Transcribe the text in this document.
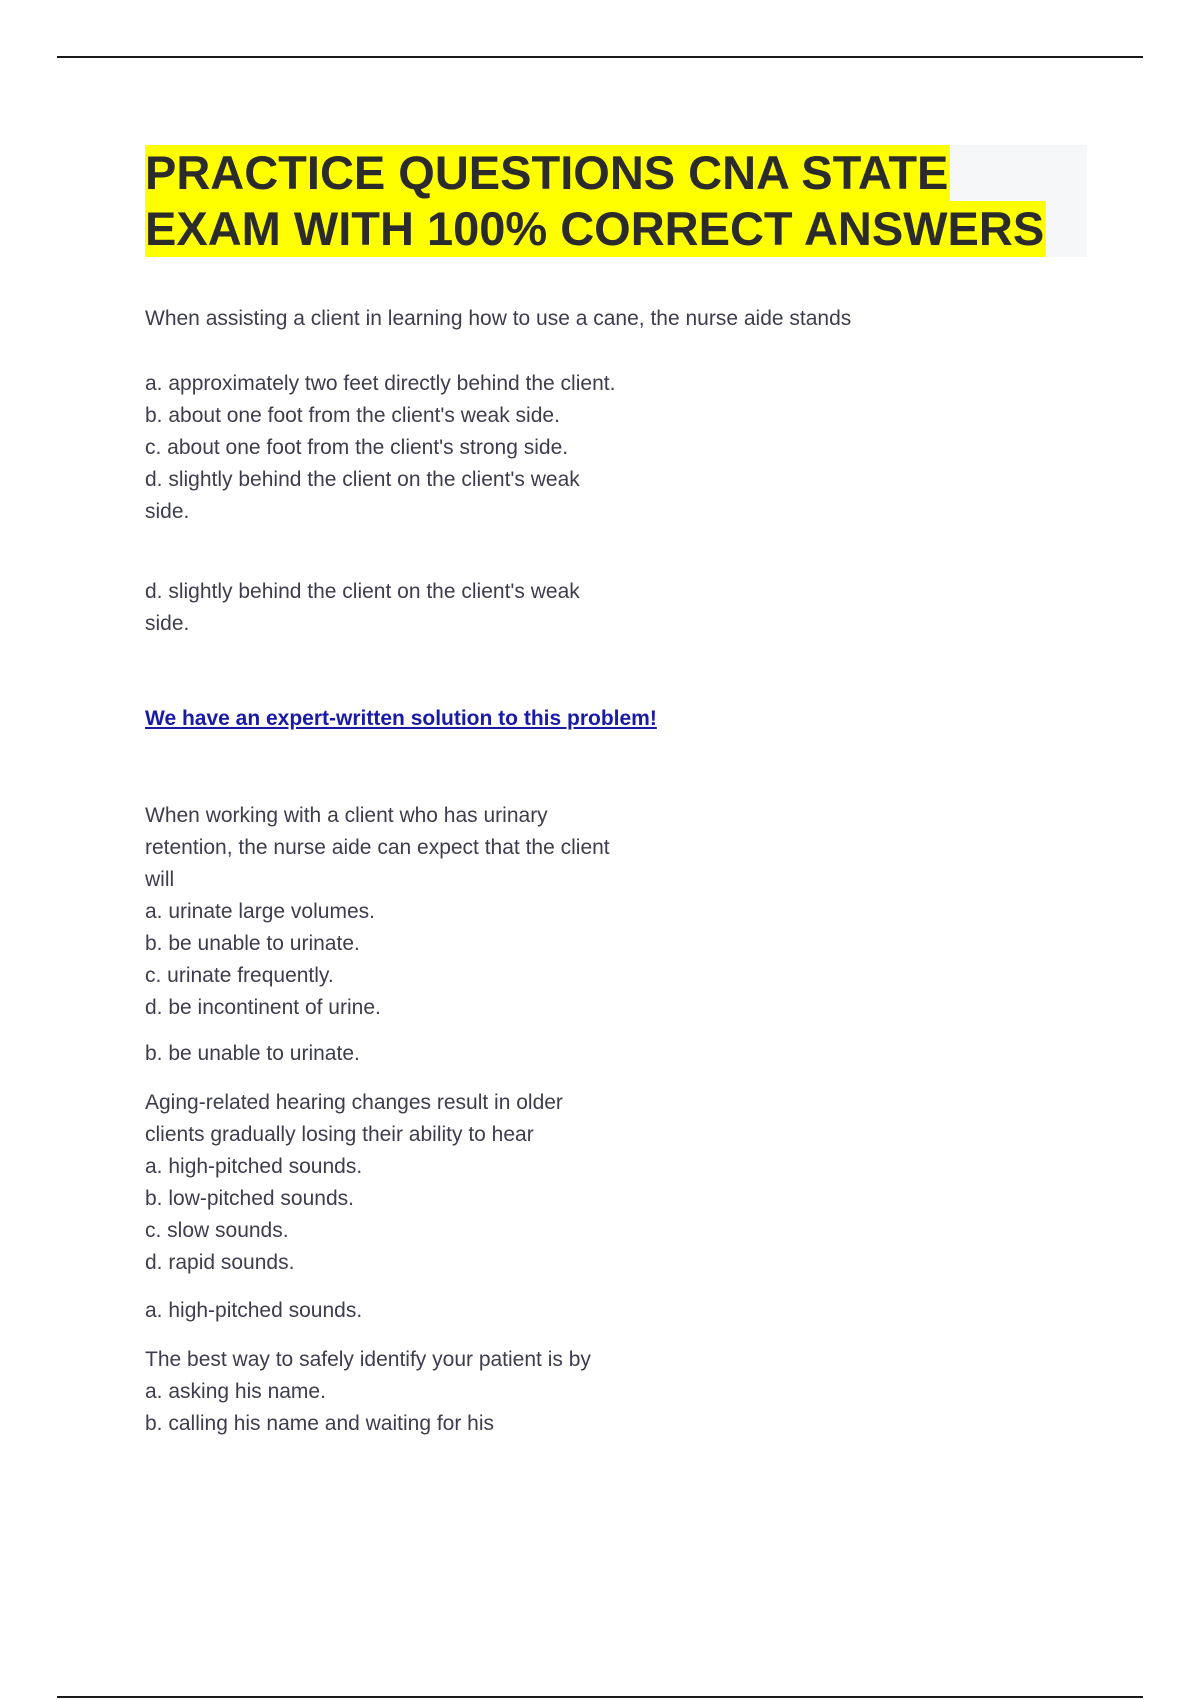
PRACTICE QUESTIONS CNA STATE
EXAM WITH 100% CORRECT ANSWERS
When assisting a client in learning how to use a cane, the nurse aide stands
a. approximately two feet directly behind the client.
b. about one foot from the client's weak side.
c. about one foot from the client's strong side.
d. slightly behind the client on the client's weak side.
d. slightly behind the client on the client's weak side.
We have an expert-written solution to this problem!
When working with a client who has urinary retention, the nurse aide can expect that the client will
a. urinate large volumes.
b. be unable to urinate.
c. urinate frequently.
d. be incontinent of urine.
b. be unable to urinate.
Aging-related hearing changes result in older clients gradually losing their ability to hear
a. high-pitched sounds.
b. low-pitched sounds.
c. slow sounds.
d. rapid sounds.
a. high-pitched sounds.
The best way to safely identify your patient is by
a. asking his name.
b. calling his name and waiting for his
